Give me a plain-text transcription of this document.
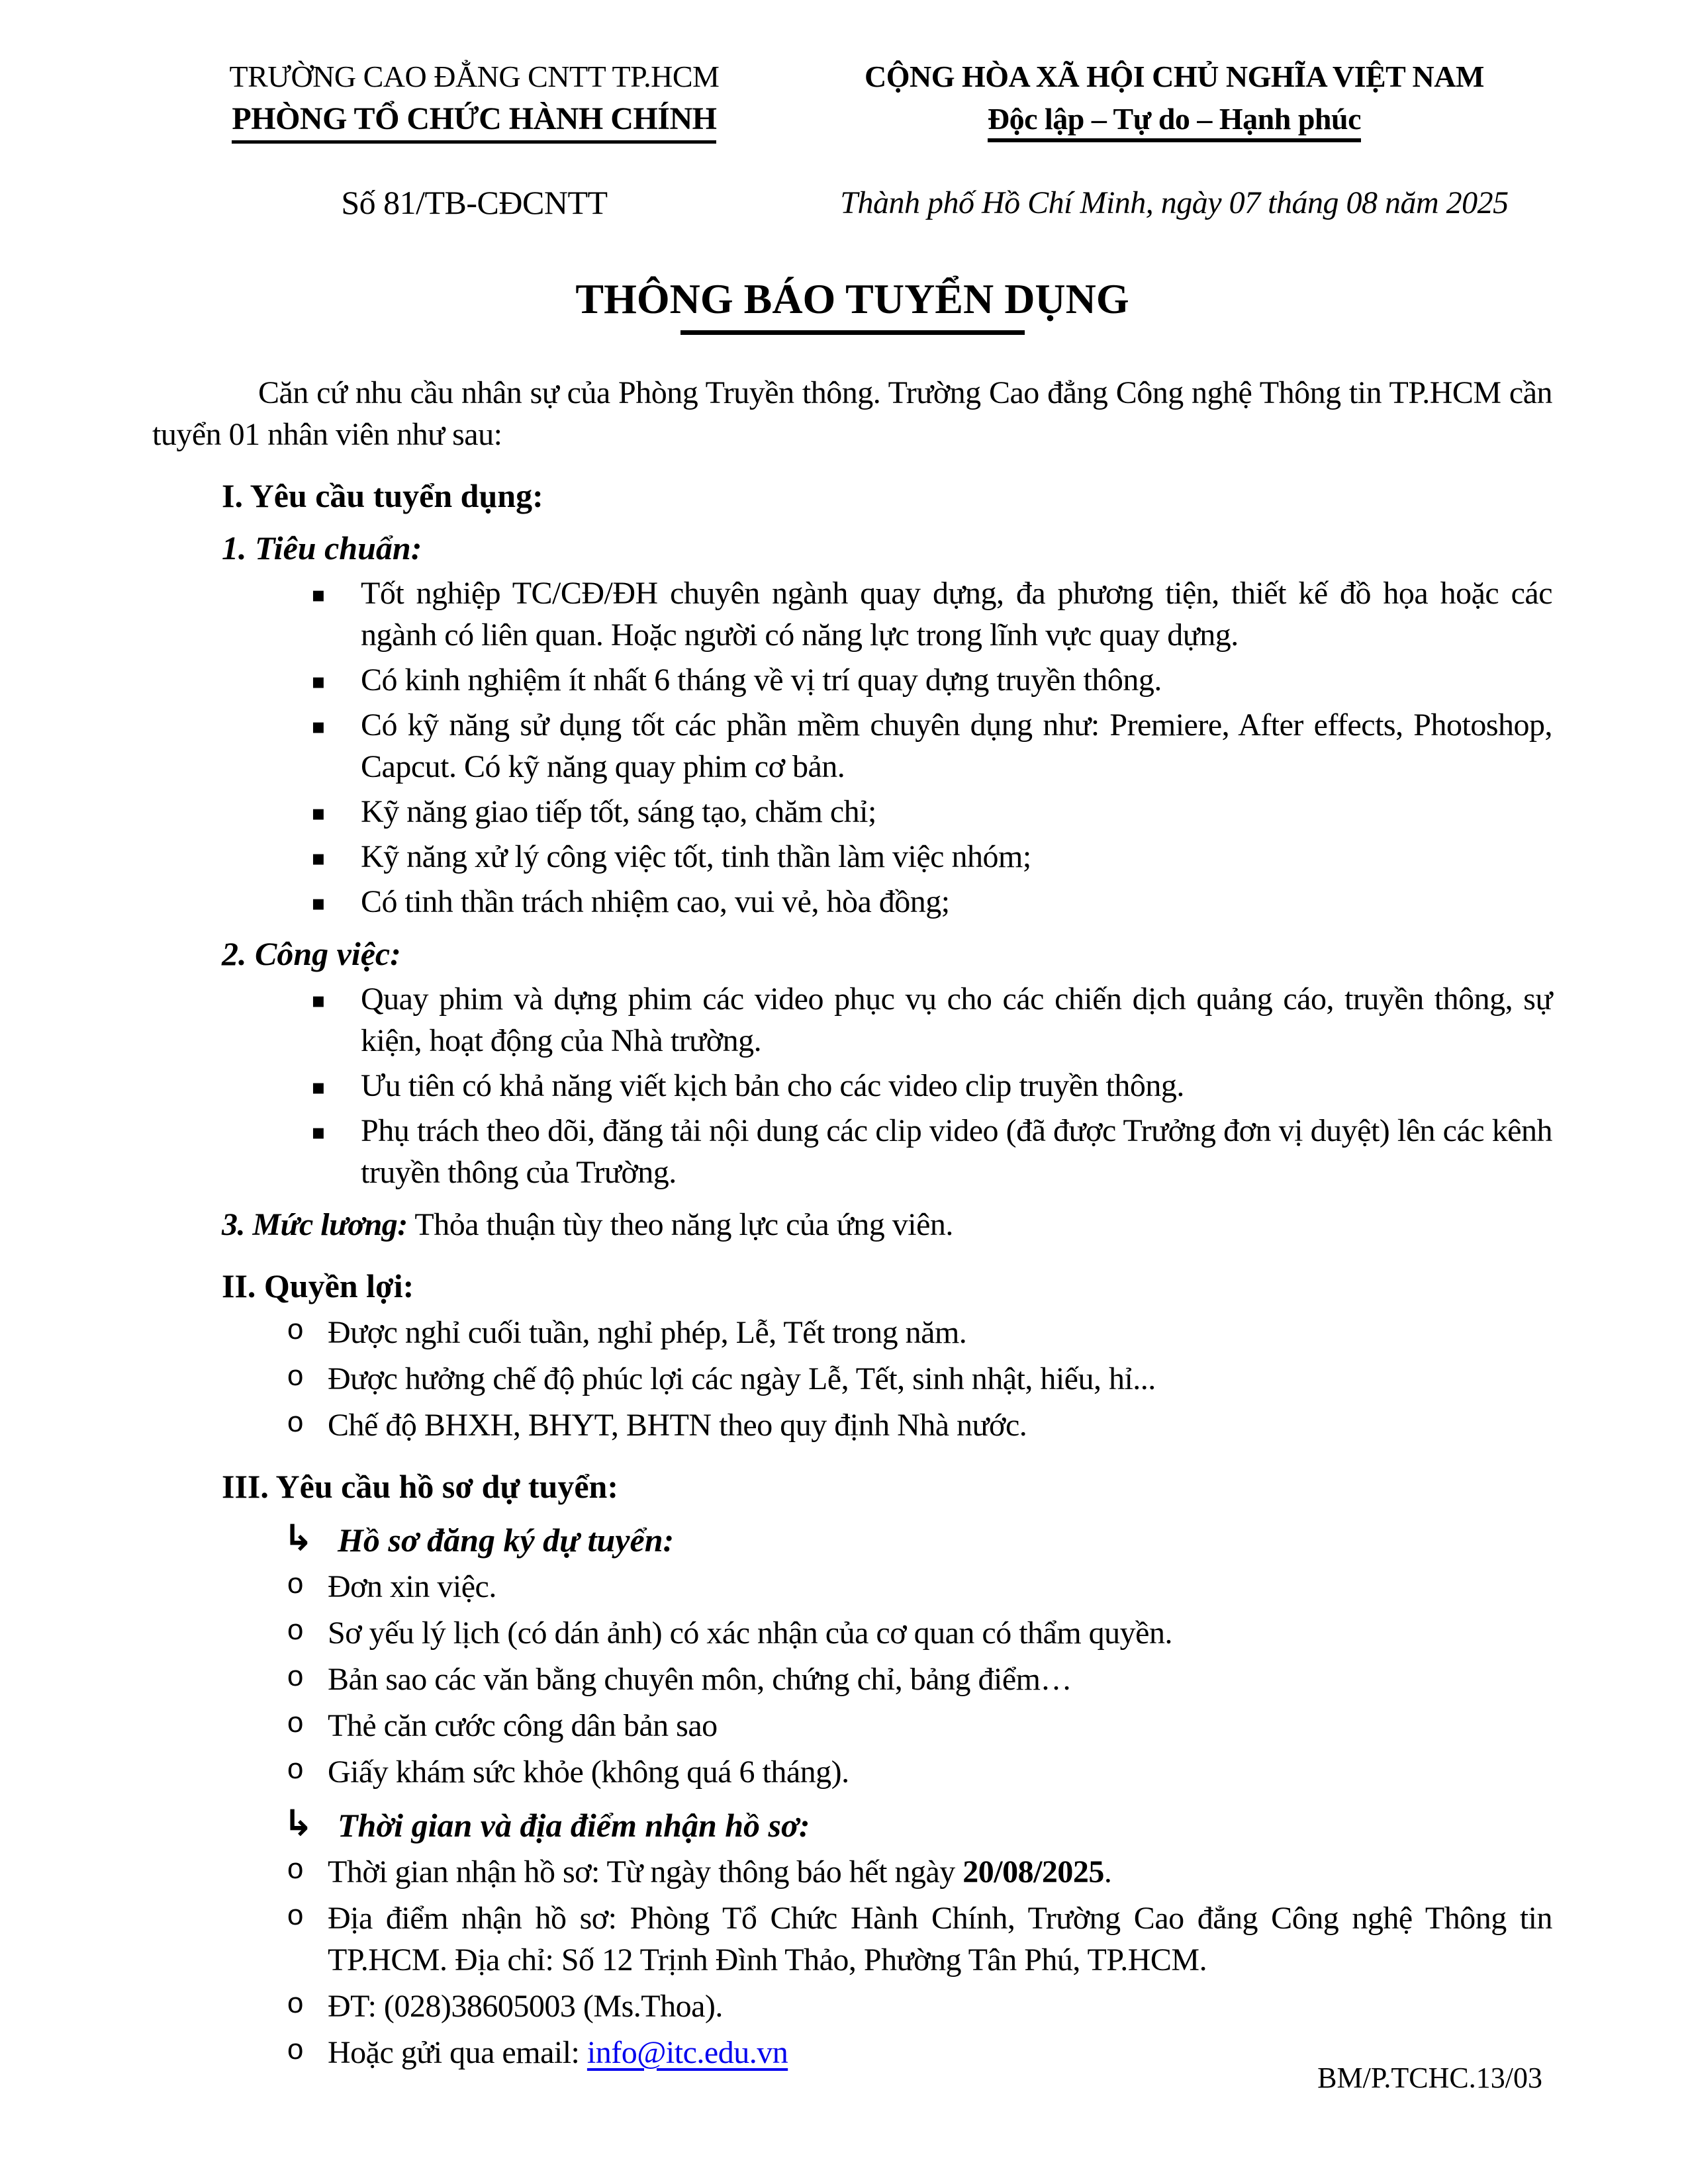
TRƯỜNG CAO ĐẲNG CNTT TP.HCM
PHÒNG TỔ CHỨC HÀNH CHÍNH
CỘNG HÒA XÃ HỘI CHỦ NGHĨA VIỆT NAM
Độc lập – Tự do – Hạnh phúc
Số 81/TB-CĐCNTT	Thành phố Hồ Chí Minh, ngày 07 tháng 08 năm 2025
THÔNG BÁO TUYỂN DỤNG
Căn cứ nhu cầu nhân sự của Phòng Truyền thông. Trường Cao đẳng Công nghệ Thông tin TP.HCM cần tuyển 01 nhân viên như sau:
I. Yêu cầu tuyển dụng:
1. Tiêu chuẩn:
▪ Tốt nghiệp TC/CĐ/ĐH chuyên ngành quay dựng, đa phương tiện, thiết kế đồ họa hoặc các ngành có liên quan. Hoặc người có năng lực trong lĩnh vực quay dựng.
▪ Có kinh nghiệm ít nhất 6 tháng về vị trí quay dựng truyền thông.
▪ Có kỹ năng sử dụng tốt các phần mềm chuyên dụng như: Premiere, After effects, Photoshop, Capcut. Có kỹ năng quay phim cơ bản.
▪ Kỹ năng giao tiếp tốt, sáng tạo, chăm chỉ;
▪ Kỹ năng xử lý công việc tốt, tinh thần làm việc nhóm;
▪ Có tinh thần trách nhiệm cao, vui vẻ, hòa đồng;
2. Công việc:
▪ Quay phim và dựng phim các video phục vụ cho các chiến dịch quảng cáo, truyền thông, sự kiện, hoạt động của Nhà trường.
▪ Ưu tiên có khả năng viết kịch bản cho các video clip truyền thông.
▪ Phụ trách theo dõi, đăng tải nội dung các clip video (đã được Trưởng đơn vị duyệt) lên các kênh truyền thông của Trường.
3. Mức lương: Thỏa thuận tùy theo năng lực của ứng viên.
II. Quyền lợi:
o Được nghỉ cuối tuần, nghỉ phép, Lễ, Tết trong năm.
o Được hưởng chế độ phúc lợi các ngày Lễ, Tết, sinh nhật, hiếu, hỉ...
o Chế độ BHXH, BHYT, BHTN theo quy định Nhà nước.
III. Yêu cầu hồ sơ dự tuyển:
↳ Hồ sơ đăng ký dự tuyển:
o Đơn xin việc.
o Sơ yếu lý lịch (có dán ảnh) có xác nhận của cơ quan có thẩm quyền.
o Bản sao các văn bằng chuyên môn, chứng chỉ, bảng điểm…
o Thẻ căn cước công dân bản sao
o Giấy khám sức khỏe (không quá 6 tháng).
↳ Thời gian và địa điểm nhận hồ sơ:
o Thời gian nhận hồ sơ: Từ ngày thông báo hết ngày 20/08/2025.
o Địa điểm nhận hồ sơ: Phòng Tổ Chức Hành Chính, Trường Cao đẳng Công nghệ Thông tin TP.HCM. Địa chỉ: Số 12 Trịnh Đình Thảo, Phường Tân Phú, TP.HCM.
o ĐT: (028)38605003 (Ms.Thoa).
o Hoặc gửi qua email: info@itc.edu.vn
BM/P.TCHC.13/03
